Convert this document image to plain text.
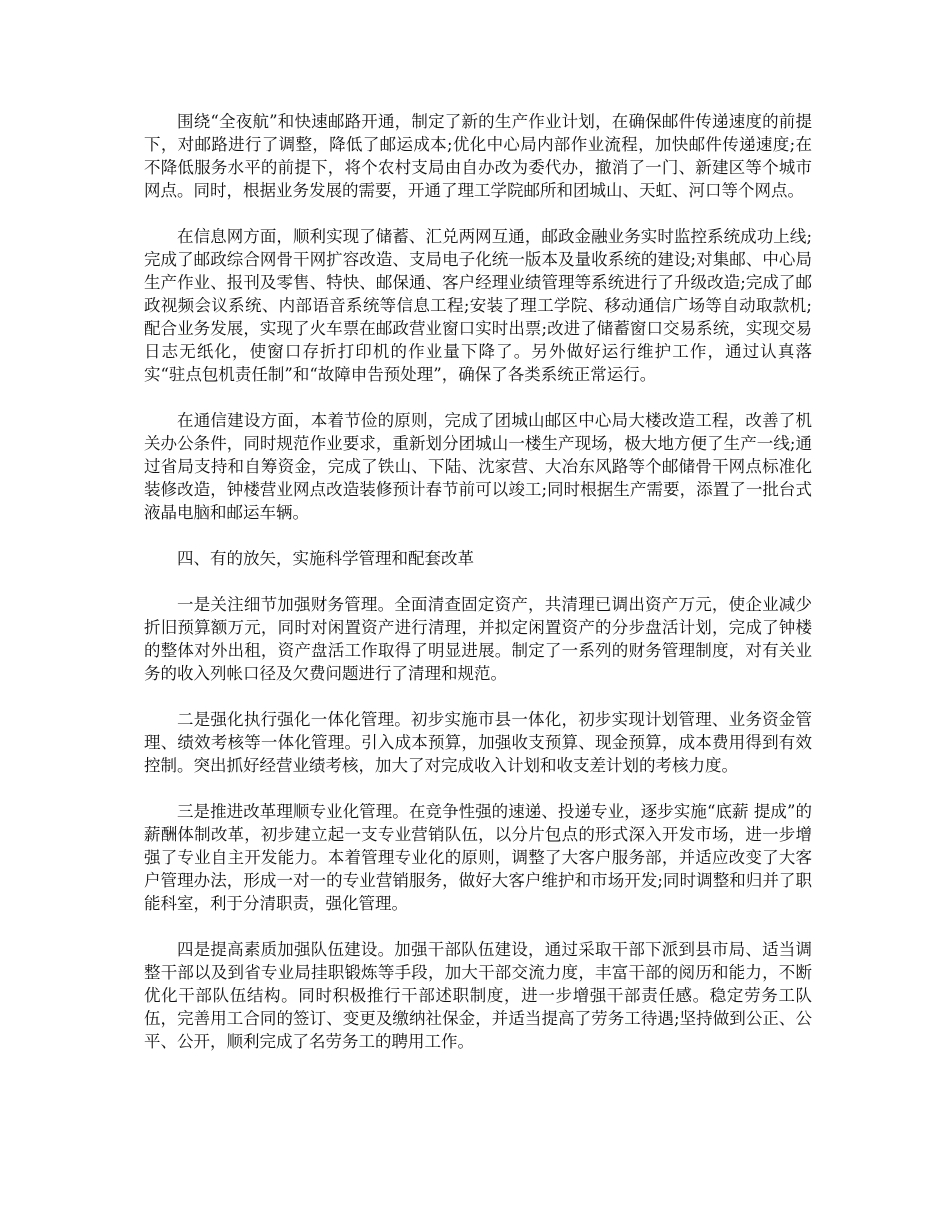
围绕“全夜航”和快速邮路开通，制定了新的生产作业计划，在确保邮件传递速度的前提下，对邮路进行了调整，降低了邮运成本;优化中心局内部作业流程，加快邮件传递速度;在不降低服务水平的前提下，将个农村支局由自办改为委代办，撤消了一门、新建区等个城市网点。同时，根据业务发展的需要，开通了理工学院邮所和团城山、天虹、河口等个网点。

在信息网方面，顺利实现了储蓄、汇兑两网互通，邮政金融业务实时监控系统成功上线;完成了邮政综合网骨干网扩容改造、支局电子化统一版本及量收系统的建设;对集邮、中心局生产作业、报刊及零售、特快、邮保通、客户经理业绩管理等系统进行了升级改造;完成了邮政视频会议系统、内部语音系统等信息工程;安装了理工学院、移动通信广场等自动取款机;配合业务发展，实现了火车票在邮政营业窗口实时出票;改进了储蓄窗口交易系统，实现交易日志无纸化，使窗口存折打印机的作业量下降了。另外做好运行维护工作，通过认真落实“驻点包机责任制”和“故障申告预处理”，确保了各类系统正常运行。

在通信建设方面，本着节俭的原则，完成了团城山邮区中心局大楼改造工程，改善了机关办公条件，同时规范作业要求，重新划分团城山一楼生产现场，极大地方便了生产一线;通过省局支持和自筹资金，完成了铁山、下陆、沈家营、大冶东风路等个邮储骨干网点标准化装修改造，钟楼营业网点改造装修预计春节前可以竣工;同时根据生产需要，添置了一批台式液晶电脑和邮运车辆。

四、有的放矢，实施科学管理和配套改革

一是关注细节加强财务管理。全面清查固定资产，共清理已调出资产万元，使企业减少折旧预算额万元，同时对闲置资产进行清理，并拟定闲置资产的分步盘活计划，完成了钟楼的整体对外出租，资产盘活工作取得了明显进展。制定了一系列的财务管理制度，对有关业务的收入列帐口径及欠费问题进行了清理和规范。

二是强化执行强化一体化管理。初步实施市县一体化，初步实现计划管理、业务资金管理、绩效考核等一体化管理。引入成本预算，加强收支预算、现金预算，成本费用得到有效控制。突出抓好经营业绩考核，加大了对完成收入计划和收支差计划的考核力度。

三是推进改革理顺专业化管理。在竞争性强的速递、投递专业，逐步实施“底薪 提成”的薪酬体制改革，初步建立起一支专业营销队伍，以分片包点的形式深入开发市场，进一步增强了专业自主开发能力。本着管理专业化的原则，调整了大客户服务部，并适应改变了大客户管理办法，形成一对一的专业营销服务，做好大客户维护和市场开发;同时调整和归并了职能科室，利于分清职责，强化管理。

四是提高素质加强队伍建设。加强干部队伍建设，通过采取干部下派到县市局、适当调整干部以及到省专业局挂职锻炼等手段，加大干部交流力度，丰富干部的阅历和能力，不断优化干部队伍结构。同时积极推行干部述职制度，进一步增强干部责任感。稳定劳务工队伍，完善用工合同的签订、变更及缴纳社保金，并适当提高了劳务工待遇;坚持做到公正、公平、公开，顺利完成了名劳务工的聘用工作。
